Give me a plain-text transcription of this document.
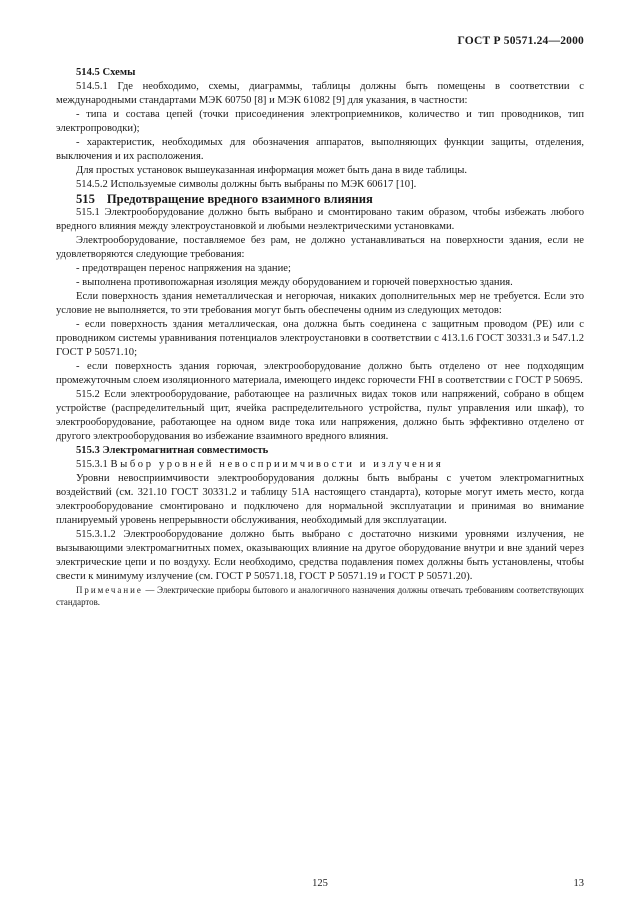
ГОСТ Р 50571.24—2000

514.5 Схемы

514.5.1 Где необходимо, схемы, диаграммы, таблицы должны быть помещены в соответствии с международными стандартами МЭК 60750 [8] и МЭК 61082 [9] для указания, в частности:

- типа и состава цепей (точки присоединения электроприемников, количество и тип проводников, тип электропроводки);

- характеристик, необходимых для обозначения аппаратов, выполняющих функции защиты, отделения, выключения и их расположения.

Для простых установок вышеуказанная информация может быть дана в виде таблицы.

514.5.2 Используемые символы должны быть выбраны по МЭК 60617 [10].

515 Предотвращение вредного взаимного влияния

515.1 Электрооборудование должно быть выбрано и смонтировано таким образом, чтобы избежать любого вредного влияния между электроустановкой и любыми неэлектрическими установками.

Электрооборудование, поставляемое без рам, не должно устанавливаться на поверхности здания, если не удовлетворяются следующие требования:

- предотвращен перенос напряжения на здание;

- выполнена противопожарная изоляция между оборудованием и горючей поверхностью здания.

Если поверхность здания неметаллическая и негорючая, никаких дополнительных мер не требуется. Если это условие не выполняется, то эти требования могут быть обеспечены одним из следующих методов:

- если поверхность здания металлическая, она должна быть соединена с защитным проводом (PE) или с проводником системы уравнивания потенциалов электроустановки в соответствии с 413.1.6 ГОСТ 30331.3 и 547.1.2 ГОСТ Р 50571.10;

- если поверхность здания горючая, электрооборудование должно быть отделено от нее подходящим промежуточным слоем изоляционного материала, имеющего индекс горючести FHI в соответствии с ГОСТ Р 50695.

515.2 Если электрооборудование, работающее на различных видах токов или напряжений, собрано в общем устройстве (распределительный щит, ячейка распределительного устройства, пульт управления или шкаф), то электрооборудование, работающее на одном виде тока или напряжения, должно быть эффективно отделено от другого электрооборудования во избежание взаимного вредного влияния.

515.3 Электромагнитная совместимость

515.3.1 Выбор уровней невосприимчивости и излучения

Уровни невосприимчивости электрооборудования должны быть выбраны с учетом электромагнитных воздействий (см. 321.10 ГОСТ 30331.2 и таблицу 51А настоящего стандарта), которые могут иметь место, когда электрооборудование смонтировано и подключено для нормальной эксплуатации и принимая во внимание планируемый уровень непрерывности обслуживания, необходимый для эксплуатации.

515.3.1.2 Электрооборудование должно быть выбрано с достаточно низкими уровнями излучения, не вызывающими электромагнитных помех, оказывающих влияние на другое оборудование внутри и вне зданий через электрические цепи и по воздуху. Если необходимо, средства подавления помех должны быть установлены, чтобы свести к минимуму излучение (см. ГОСТ Р 50571.18, ГОСТ Р 50571.19 и ГОСТ Р 50571.20).

Примечание — Электрические приборы бытового и аналогичного назначения должны отвечать требованиям соответствующих стандартов.

125	13
